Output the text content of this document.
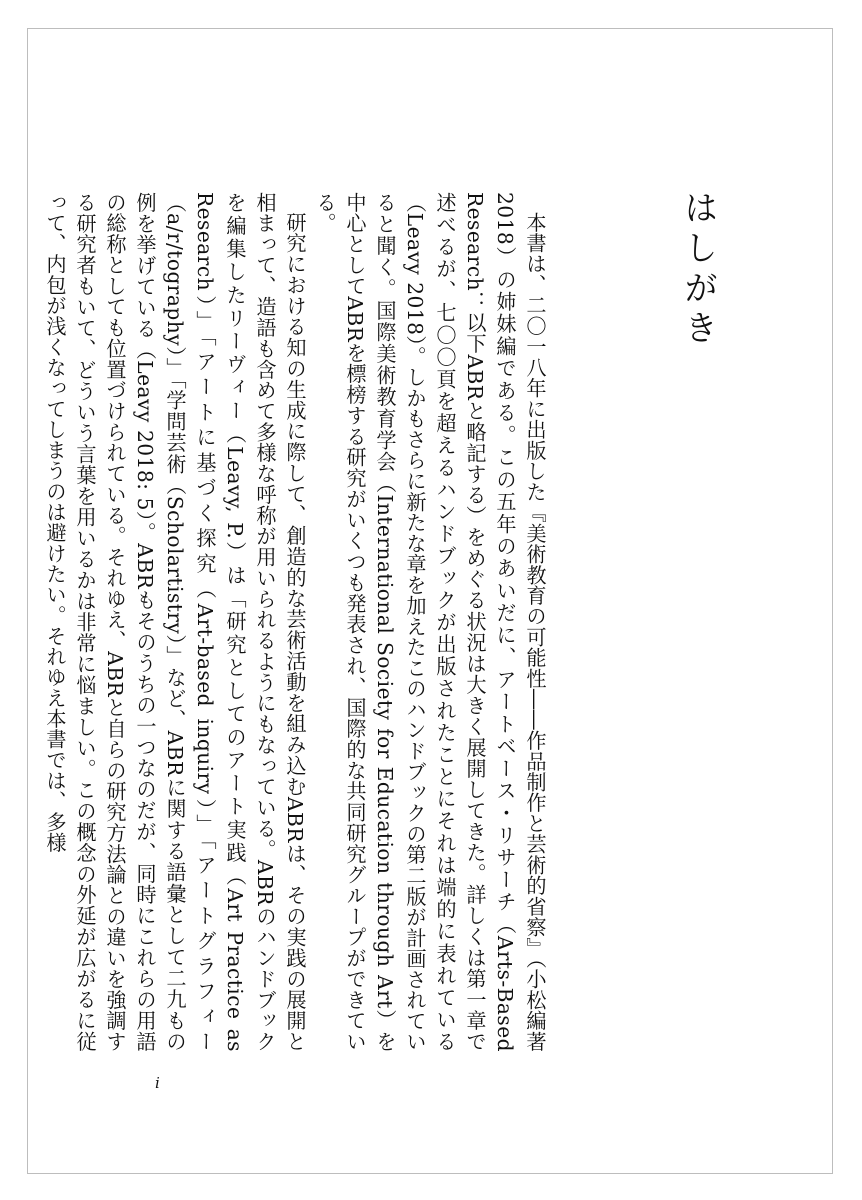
はしがき

本書は、二〇一八年に出版した『美術教育の可能性――作品制作と芸術的省察』（小松編著 2018）の姉妹編である。この五年のあいだに、アートベース・リサーチ（Arts-Based Research：以下ABRと略記する）をめぐる状況は大きく展開してきた。詳しくは第一章で述べるが、七〇〇頁を超えるハンドブックが出版されたことにそれは端的に表れている（Leavy 2018）。しかもさらに新たな章を加えたこのハンドブックの第二版が計画されていると聞く。国際美術教育学会（International Society for Education through Art）を中心としてABRを標榜する研究がいくつも発表され、国際的な共同研究グループができている。

研究における知の生成に際して、創造的な芸術活動を組み込むABRは、その実践の展開と相まって、造語も含めて多様な呼称が用いられるようにもなっている。ABRのハンドブックを編集したリーヴィー（Leavy, P.）は「研究としてのアート実践（Art Practice as Research）」「アートに基づく探究（Art-based inquiry）」「アートグラフィー（a/r/tography）」「学問芸術（Scholartistry）」など、ABRに関する語彙として二九もの例を挙げている（Leavy 2018: 5）。ABRもそのうちの一つなのだが、同時にこれらの用語の総称としても位置づけられている。それゆえ、ABRと自らの研究方法論との違いを強調する研究者もいて、どういう言葉を用いるかは非常に悩ましい。この概念の外延が広がるに従って、内包が浅くなってしまうのは避けたい。それゆえ本書では、多様

i
